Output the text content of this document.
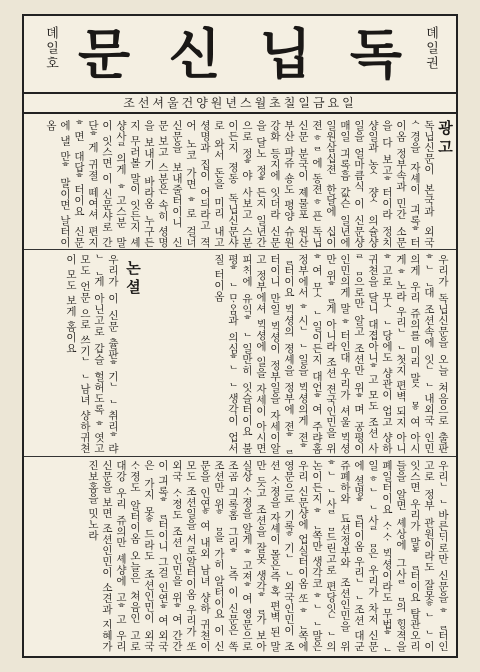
뎨일호 문 신 닙 독 뎨일권
조선셔울건양원년스월초칠일금요일
광고
독닙신문이 본국과 외국 ᄉ경을 자셰이 긔록ᄒ터이옴 정부속과 민간 소문을 다 보고ᄒ터이라 정치샹일과 농ᄉ 쟝ᄉ 의슐샹 일을 얼마큼식 이 신문샹 매일 긔록흠 값슨 일년에 일원삼십젼 한달에 십이젼 ᄒᄅ에 동젼 ᄒ픈 독닙신문 분국이 졔물포 원산 부산 파쥬 숑도 평양 슈원 강화 등지에 잇더라 신문을 달노 정ᄒ든지 일년간으로 정ᄒ야 사보고 스분이든지 졍동 독닙신문샤로 와서 돈을 미리 내고 셩명과 집이 어듸라고 젹어 노코 가면 ᄒ로 걸너 신문을 보내줄터이니 신문 보고 스분은 속히 셩명을 보내기 바라옴 누구든지 무러볼 말이 잇든지 셰샹사ᄅ의게 ᄒ고스분 말이 잇스면 이 신문샤로 간단ᄒ게 귀졀 떼여셔 편지ᄒ면 대답ᄒ터이요 신문에 낼 만ᄒ 말이면 날터이옴
우리가 독닙신문을 오늘 쳐음으로 출판ᄒᄂᆫ대 조션속에 잇ᄂᆫ 내외국 인민의게 우리 쥬의를 미리 말ᄉᆷᄒ여 아시게 ᄒ노라 우리ᄂᆫ 첫지 편벽 되지 아니ᄒ고로 무ᄉᆫ 당에도 샹관이 업고 샹하귀쳔을 달니 대졉아니ᄒ고 모도 조션 사ᄅᆷ으로만 알고 조션만 위ᄒ며 공평이 인민의게 말 ᄒ터인대 우리가 셔울 ᄇᆡᆨ셩만 위ᄒᆯ게 아니라 조션 젼국인민을 위ᄒ여 무ᄉᆫ 일이든지 대언ᄒ여 주랴홈 정부에서 ᄒ시ᄂᆫ 일을 ᄇᆡᆨ셩의게 젼ᄒᆯ터이요 ᄇᆡᆨ셩의 졍셰을 정부에 젼ᄒᆯ터이니 만일 ᄇᆡᆨ셩이 정부일을 자세이알고 정부에셔 ᄇᆡᆨ셩에 일을 자세이 아시면 피ᄎᆡ에 유익ᄒᆫ 일만히 잇슬터이요 불평ᄒᆫ ᄆᆞᄋᆞᆷ과 의심ᄒᄂᆫ 생각이 업서질 터이옴
논셜
우리가 이 신문 츌판ᄒ기ᄂᆫ 취리ᄒ랴ᄂᆫ게 아닌고로 갑슬 헐허도록 ᄒ엿고 모도 언문 으로 쓰기ᄂᆫ 남녀 샹하귀쳔이 모도 보게 홈이요
우리ᄂᆫ 바른ᄃᆡ로만 신문을 ᄒᆯ터인고로 정부 관원이라도 잘못ᄒᄂᆫ 이 잇스면 우리가 말ᄒᆯ터이요 탐관오리 들을 알면 셰상에 그사ᄅᆷ의 ᄒᆡᆼ젹을 폐일터이요 ᄉᆞᄉᆞ ᄇᆡᆨ셩이라도 무법ᄒᆫ일 ᄒᄂᆫ 사ᄅᆷ은 우리가 차저 신문에 셜명ᄒᆯ터이옴 우리ᄂᆫ 조션 대군쥬폐하와 됴션정부와 조션인민을 위ᄒᄂᆫ 사ᄅᆷ드린고로 편당잇ᄂᆫ 의논이든지 ᄒᆫᄶᅩᆨ만 생각코 ᄒᄂᆫ 말은 우리 신문샹에 업실터이옴 ᄯᅩ ᄒᆫᄶᅩᆨ에 영문으로 기록ᄒ기ᄂᆫ 외국인민이 조션 ᄉᆞ졍을 자셰이 몰은즉 혹 편벽 된 말만 듯고 조션을 잘못 생각ᄒᆯ가 보아 실상 ᄉᆞ졍을 알게 ᄒ고져ᄒ여 영문으로 조곰 긔록홈 그리ᄒᆫ즉 이 신문은 ᄯᅩᆨ 조션만 위ᄒᆷ을 가히 알터이요 이 신문을 인연ᄒ여 내외 남녀 샹하 귀쳔이 모도 조션일을 서로알터이옴 우리가 ᄯᅩ 외국 ᄉᆞ졍도 조션 인민을 위ᄒ여 간간이 긔록ᄒᆯ터이니 그걸 인연ᄒ여 외국은 가지 못ᄒ드라도 조션인민이 외국 ᄉᆞ졍도 알터이옴 오늘은 쳐음인 고로 대강 우리 쥬의만 셰샹에 고ᄒ고 우리 신문을 보면 조션인민이 소견과 지혜가 진보홈을 밋노라
